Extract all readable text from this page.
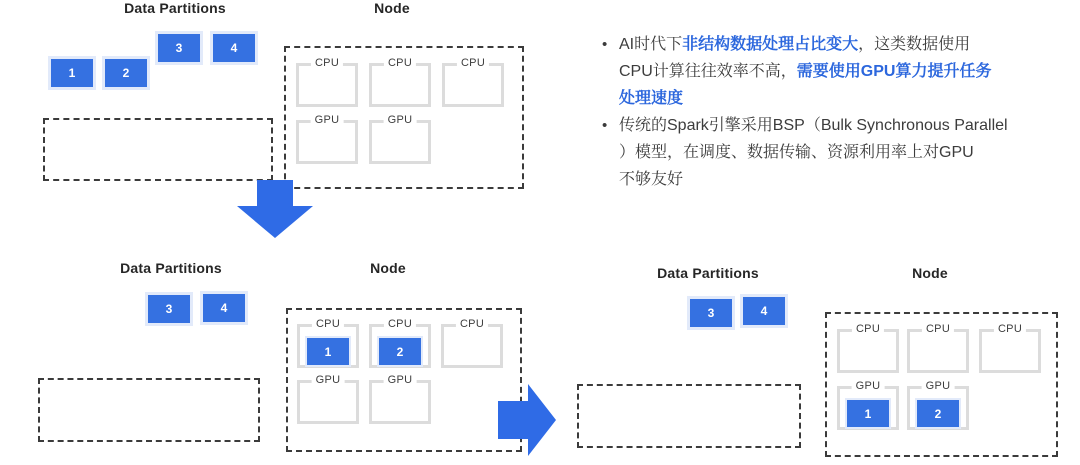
Data Partitions	Node
3	4
1	2
CPU	CPU	CPU
GPU	GPU
Data Partitions	Node
3	4
CPU
1
CPU
2
CPU
GPU	GPU
Data Partitions	Node
3	4
CPU	CPU	CPU
GPU
1
GPU
2
• AI时代下非结构数据处理占比变大，这类数据使用
CPU计算往往效率不高，需要使用GPU算力提升任务
处理速度
• 传统的Spark引擎采用BSP（Bulk Synchronous Parallel
）模型，在调度、数据传输、资源利用率上对GPU
不够友好
